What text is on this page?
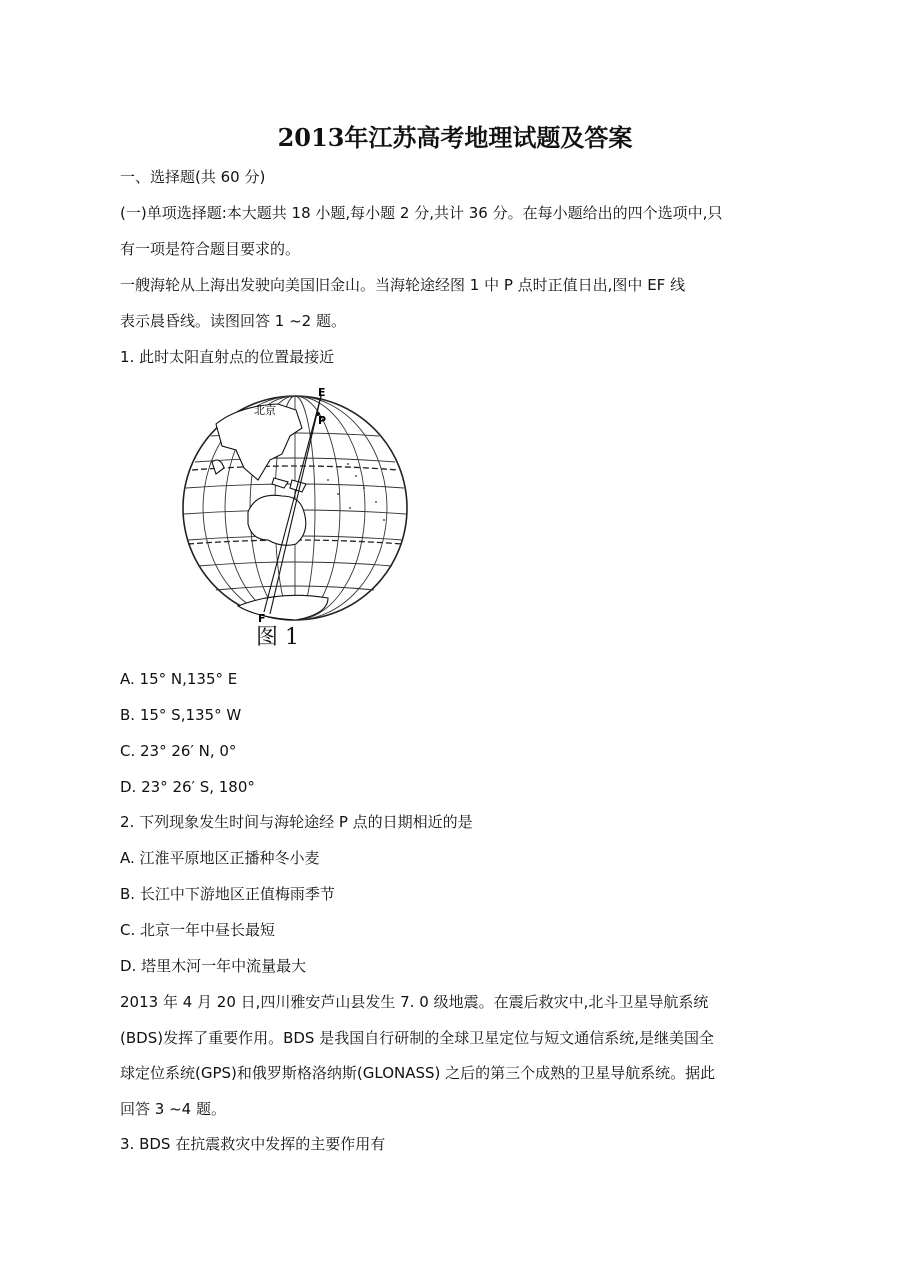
2013年江苏高考地理试题及答案
一、选择题(共 60 分)
(一)单项选择题:本大题共 18 小题,每小题 2 分,共计 36 分。在每小题给出的四个选项中,只
有一项是符合题目要求的。
一艘海轮从上海出发驶向美国旧金山。当海轮途经图 1 中 P 点时正值日出,图中 EF 线
表示晨昏线。读图回答 1 ~2 题。
1. 此时太阳直射点的位置最接近
北京
E
P
F
图 1
A. 15° N,135° E
B. 15° S,135° W
C. 23° 26′ N, 0°
D. 23° 26′ S, 180°
2. 下列现象发生时间与海轮途经 P 点的日期相近的是
A. 江淮平原地区正播种冬小麦
B. 长江中下游地区正值梅雨季节
C. 北京一年中昼长最短
D. 塔里木河一年中流量最大
2013 年 4 月 20 日,四川雅安芦山县发生 7. 0 级地震。在震后救灾中,北斗卫星导航系统
(BDS)发挥了重要作用。BDS 是我国自行研制的全球卫星定位与短文通信系统,是继美国全
球定位系统(GPS)和俄罗斯格洛纳斯(GLONASS) 之后的第三个成熟的卫星导航系统。据此
回答 3 ~4 题。
3. BDS 在抗震救灾中发挥的主要作用有
